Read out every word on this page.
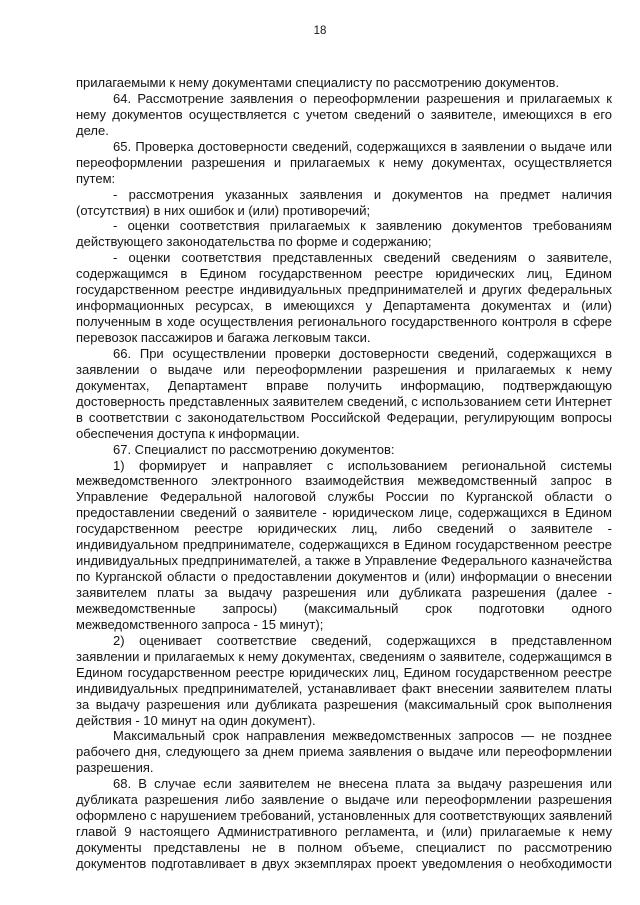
18
прилагаемыми к нему документами специалисту по рассмотрению документов.
64. Рассмотрение заявления о переоформлении разрешения и прилагаемых к
нему документов осуществляется с учетом сведений о заявителе, имеющихся в его
деле.
65. Проверка достоверности сведений, содержащихся в заявлении о выдаче или
переоформлении разрешения и прилагаемых к нему документах, осуществляется
путем:
- рассмотрения указанных заявления и документов на предмет наличия
(отсутствия) в них ошибок и (или) противоречий;
- оценки соответствия прилагаемых к заявлению документов требованиям
действующего законодательства по форме и содержанию;
- оценки соответствия представленных сведений сведениям о заявителе,
содержащимся в Едином государственном реестре юридических лиц, Едином
государственном реестре индивидуальных предпринимателей и других федеральных
информационных ресурсах, в имеющихся у Департамента документах и (или)
полученным в ходе осуществления регионального государственного контроля в сфере
перевозок пассажиров и багажа легковым такси.
66. При осуществлении проверки достоверности сведений, содержащихся в
заявлении о выдаче или переоформлении разрешения и прилагаемых к нему
документах, Департамент вправе получить информацию, подтверждающую
достоверность представленных заявителем сведений, с использованием сети Интернет
в соответствии с законодательством Российской Федерации, регулирующим вопросы
обеспечения доступа к информации.
67. Специалист по рассмотрению документов:
1) формирует и направляет с использованием региональной системы
межведомственного электронного взаимодействия межведомственный запрос в
Управление Федеральной налоговой службы России по Курганской области о
предоставлении сведений о заявителе - юридическом лице, содержащихся в Едином
государственном реестре юридических лиц, либо сведений о заявителе -
индивидуальном предпринимателе, содержащихся в Едином государственном реестре
индивидуальных предпринимателей, а также в Управление Федерального казначейства
по Курганской области о предоставлении документов и (или) информации о внесении
заявителем платы за выдачу разрешения или дубликата разрешения (далее -
межведомственные запросы) (максимальный срок подготовки одного
межведомственного запроса - 15 минут);
2) оценивает соответствие сведений, содержащихся в представленном
заявлении и прилагаемых к нему документах, сведениям о заявителе, содержащимся в
Едином государственном реестре юридических лиц, Едином государственном реестре
индивидуальных предпринимателей, устанавливает факт внесении заявителем платы
за выдачу разрешения или дубликата разрешения (максимальный срок выполнения
действия - 10 минут на один документ).
Максимальный срок направления межведомственных запросов — не позднее
рабочего дня, следующего за днем приема заявления о выдаче или переоформлении
разрешения.
68. В случае если заявителем не внесена плата за выдачу разрешения или
дубликата разрешения либо заявление о выдаче или переоформлении разрешения
оформлено с нарушением требований, установленных для соответствующих заявлений
главой 9 настоящего Административного регламента, и (или) прилагаемые к нему
документы представлены не в полном объеме, специалист по рассмотрению
документов подготавливает в двух экземплярах проект уведомления о необходимости
